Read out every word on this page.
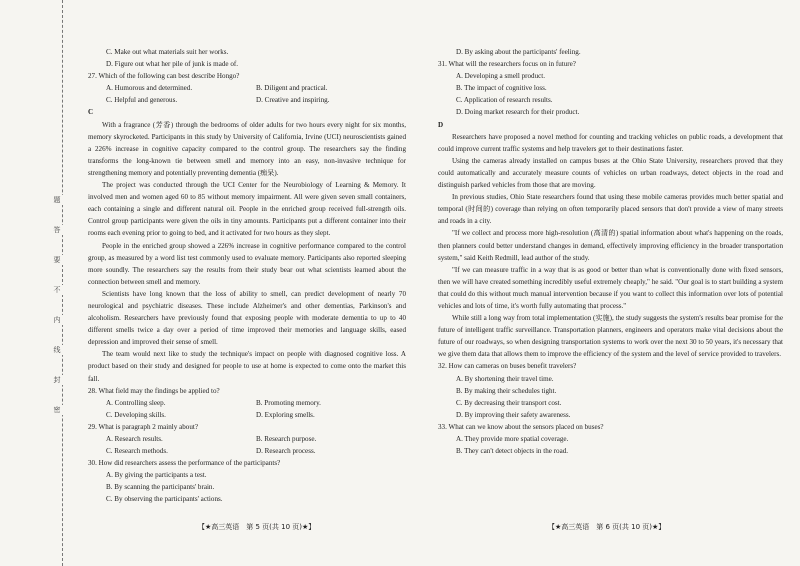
题
答
要
不
内
线
封
密
C. Make out what materials suit her works.
D. Figure out what her pile of junk is made of.

27. Which of the following can best describe Hongo?

A. Humorous and determined.	B. Diligent and practical.
C. Helpful and generous.	D. Creative and inspiring.

C

With a fragrance (芳香) through the bedrooms of older adults for two hours every night for six months, memory skyrocketed. Participants in this study by University of California, Irvine (UCI) neuroscientists gained a 226% increase in cognitive capacity compared to the control group. The researchers say the finding transforms the long-known tie between smell and memory into an easy, non-invasive technique for strengthening memory and potentially preventing dementia (痴呆).

The project was conducted through the UCI Center for the Neurobiology of Learning & Memory. It involved men and women aged 60 to 85 without memory impairment. All were given seven small containers, each containing a single and different natural oil. People in the enriched group received full-strength oils. Control group participants were given the oils in tiny amounts. Participants put a different container into their rooms each evening prior to going to bed, and it activated for two hours as they slept.

People in the enriched group showed a 226% increase in cognitive performance compared to the control group, as measured by a word list test commonly used to evaluate memory. Participants also reported sleeping more soundly. The researchers say the results from their study bear out what scientists learned about the connection between smell and memory.

Scientists have long known that the loss of ability to smell, can predict development of nearly 70 neurological and psychiatric diseases. These include Alzheimer's and other dementias, Parkinson's and alcoholism. Researchers have previously found that exposing people with moderate dementia to up to 40 different smells twice a day over a period of time improved their memories and language skills, eased depression and improved their sense of smell.

The team would next like to study the technique's impact on people with diagnosed cognitive loss. A product based on their study and designed for people to use at home is expected to come onto the market this fall.

28. What field may the findings be applied to?

A. Controlling sleep.	B. Promoting memory.
C. Developing skills.	D. Exploring smells.

29. What is paragraph 2 mainly about?

A. Research results.	B. Research purpose.
C. Research methods.	D. Research process.

30. How did researchers assess the performance of the participants?

A. By giving the participants a test.
B. By scanning the participants' brain.
C. By observing the participants' actions.
D. By asking about the participants' feeling.

31. What will the researchers focus on in future?

A. Developing a smell product.
B. The impact of cognitive loss.
C. Application of research results.
D. Doing market research for their product.

D

Researchers have proposed a novel method for counting and tracking vehicles on public roads, a development that could improve current traffic systems and help travelers get to their destinations faster.

Using the cameras already installed on campus buses at the Ohio State University, researchers proved that they could automatically and accurately measure counts of vehicles on urban roadways, detect objects in the road and distinguish parked vehicles from those that are moving.

In previous studies, Ohio State researchers found that using these mobile cameras provides much better spatial and temporal (时间的) coverage than relying on often temporarily placed sensors that don't provide a view of many streets and roads in a city.

"If we collect and process more high-resolution (高清的) spatial information about what's happening on the roads, then planners could better understand changes in demand, effectively improving efficiency in the broader transportation system," said Keith Redmill, lead author of the study.

"If we can measure traffic in a way that is as good or better than what is conventionally done with fixed sensors, then we will have created something incredibly useful extremely cheaply," he said. "Our goal is to start building a system that could do this without much manual intervention because if you want to collect this information over lots of potential vehicles and lots of time, it's worth fully automating that process."

While still a long way from total implementation (实施), the study suggests the system's results bear promise for the future of intelligent traffic surveillance. Transportation planners, engineers and operators make vital decisions about the future of our roadways, so when designing transportation systems to work over the next 30 to 50 years, it's necessary that we give them data that allows them to improve the efficiency of the system and the level of service provided to travelers.

32. How can cameras on buses benefit travelers?

A. By shortening their travel time.
B. By making their schedules tight.
C. By decreasing their transport cost.
D. By improving their safety awareness.

33. What can we know about the sensors placed on buses?

A. They provide more spatial coverage.
B. They can't detect objects in the road.
【★高三英语　第 5 页(共 10 页)★】	【★高三英语　第 6 页(共 10 页)★】
